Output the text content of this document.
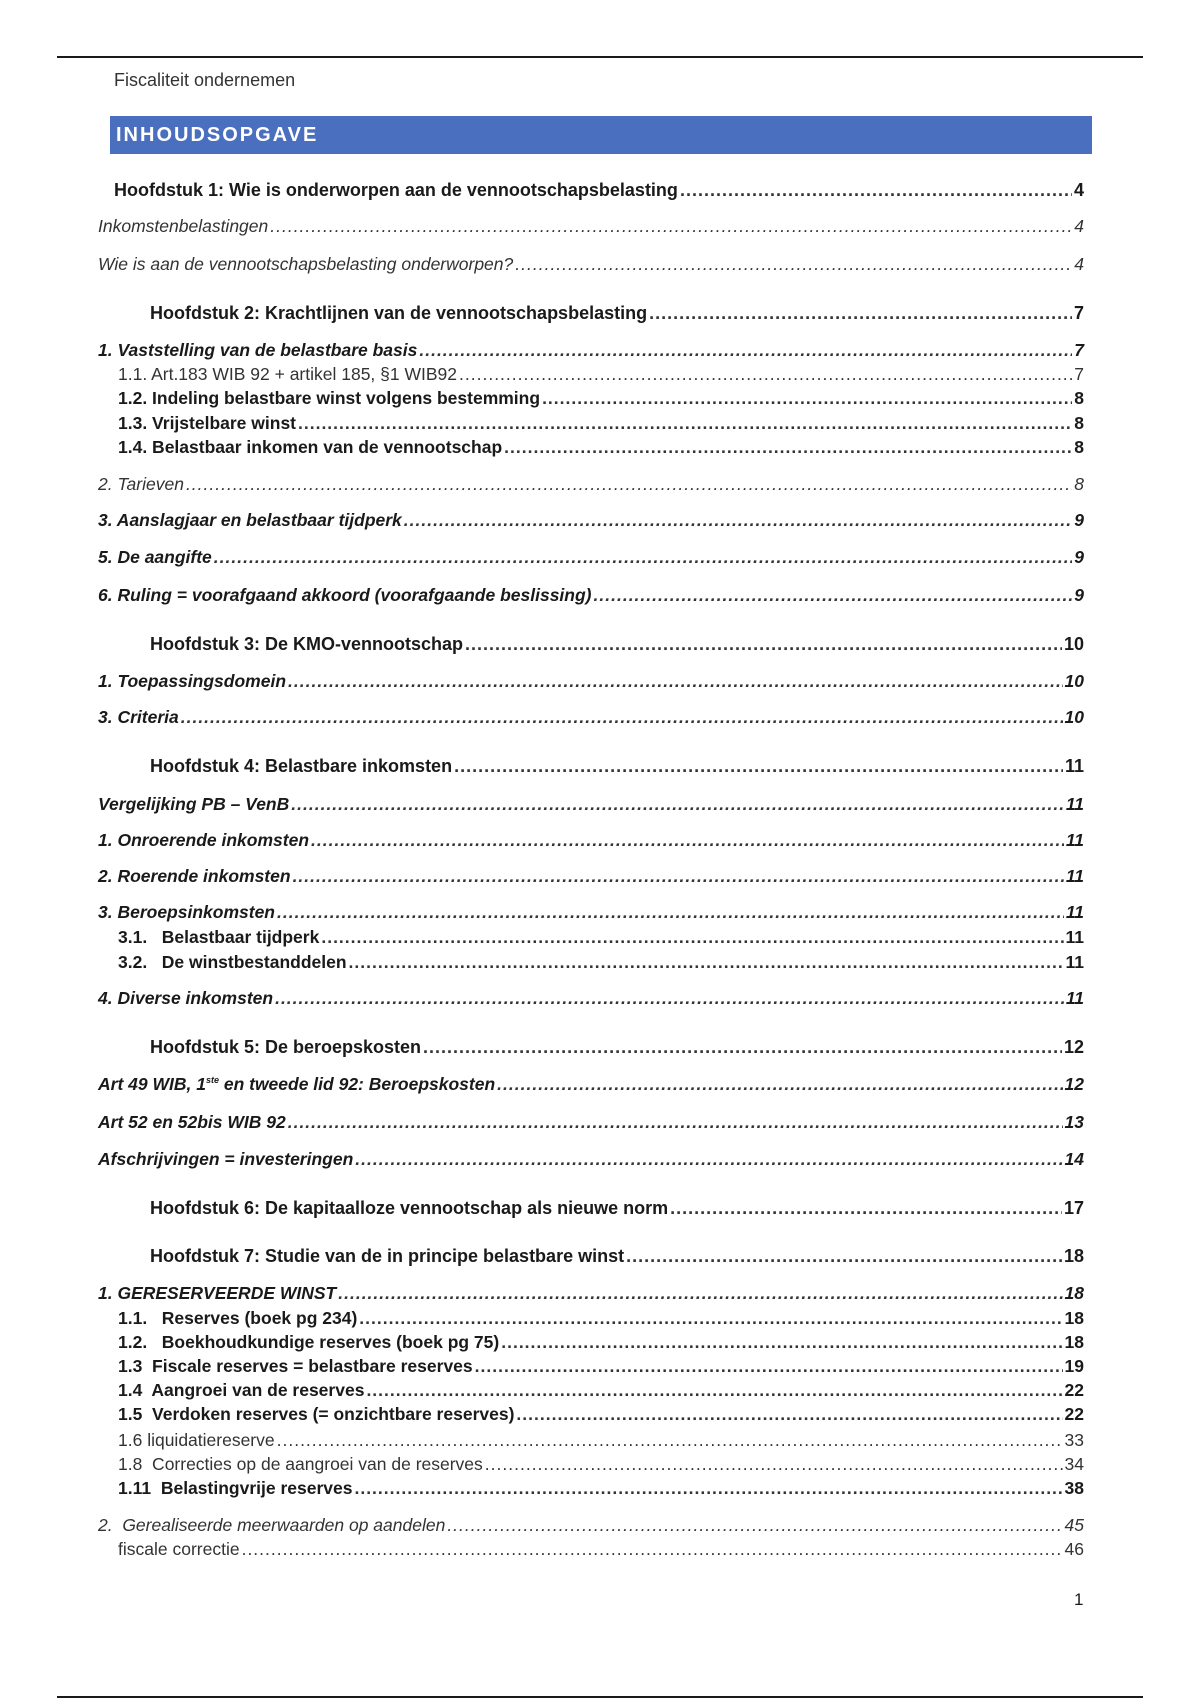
Fiscaliteit ondernemen
INHOUDSOPGAVE
Hoofdstuk 1: Wie is onderworpen aan de vennootschapsbelasting .....	4
Inkomstenbelastingen .....	4
Wie is aan de vennootschapsbelasting onderworpen? .....	4
Hoofdstuk 2: Krachtlijnen van de vennootschapsbelasting .....	7
1. Vaststelling van de belastbare basis .....	7
1.1. Art.183 WIB 92 + artikel 185, §1 WIB92 .....	7
1.2. Indeling belastbare winst volgens bestemming .....	8
1.3. Vrijstelbare winst .....	8
1.4. Belastbaar inkomen van de vennootschap .....	8
2. Tarieven .....	8
3. Aanslagjaar en belastbaar tijdperk .....	9
5. De aangifte .....	9
6. Ruling = voorafgaand akkoord (voorafgaande beslissing) .....	9
Hoofdstuk 3: De KMO-vennootschap .....	10
1. Toepassingsdomein .....	10
3. Criteria .....	10
Hoofdstuk 4: Belastbare inkomsten .....	11
Vergelijking PB – VenB .....	11
1. Onroerende inkomsten .....	11
2. Roerende inkomsten .....	11
3. Beroepsinkomsten .....	11
3.1.   Belastbaar tijdperk .....	11
3.2.   De winstbestanddelen .....	11
4. Diverse inkomsten .....	11
Hoofdstuk 5: De beroepskosten .....	12
Art 49 WIB, 1ste en tweede lid 92: Beroepskosten .....	12
Art 52 en 52bis WIB 92 .....	13
Afschrijvingen = investeringen .....	14
Hoofdstuk 6: De kapitaalloze vennootschap als nieuwe norm .....	17
Hoofdstuk 7: Studie van de in principe belastbare winst .....	18
1. GERESERVEERDE WINST .....	18
1.1.   Reserves (boek pg 234) .....	18
1.2.   Boekhoudkundige reserves (boek pg 75) .....	18
1.3  Fiscale reserves = belastbare reserves .....	19
1.4  Aangroei van de reserves .....	22
1.5  Verdoken reserves (= onzichtbare reserves) .....	22
1.6 liquidatiereserve .....	33
1.8  Correcties op de aangroei van de reserves .....	34
1.11  Belastingvrije reserves .....	38
2.  Gerealiseerde meerwaarden op aandelen .....	45
fiscale correctie .....	46
1
